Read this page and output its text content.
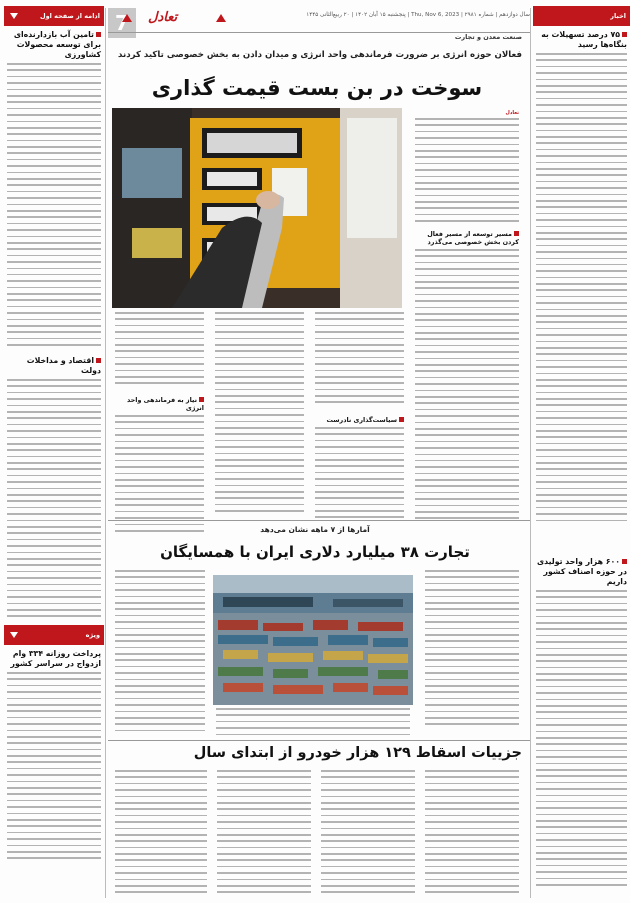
7	پنجشنبه ۱۵ آبان ۱۴۰۲ | ۲۰ ربیع‌الثانی ۱۴۴۵ | Thu, Nov 6, 2023 | سال دوازدهم | شماره ۲۹۸۱
تعادل
صنعت معدن و تجارت
اخبار
۷۵ درصد تسهیلات به بنگاه‌ها رسید
۶۰۰ هزار واحد تولیدی در حوزه اصناف کشور داریم
ادامه از صفحه اول
تامین آب باز‌دارنده‌ای برای توسعه محصولات کشاورزی
اقتصاد و مداخلات دولت
ویژه
پرداخت روزانه ۳۳۴ وام ازدواج در سراسر کشور
فعالان حوزه انرژی بر ضرورت فرماندهی واحد انرژی و میدان دادن به بخش خصوصی تاکید کردند
سوخت در بن بست قیمت گذاری
تعادل
مسیر توسعه از مسیر فعال کردن بخش خصوصی می‌گذرد
نیاز به فرماندهی واحد انرژی
سیاست‌گذاری نادرست
آمارها از ۷ ماهه نشان می‌دهد
تجارت ۳۸ میلیارد دلاری ایران با همسایگان
جزییات اسقاط ۱۲۹ هزار خودرو از ابتدای سال
